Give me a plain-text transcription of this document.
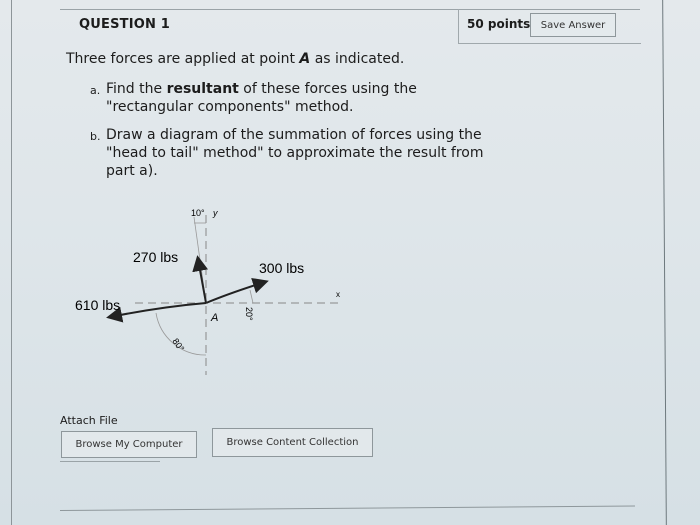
QUESTION 1	50 points	Save Answer
Three forces are applied at point A as indicated.
a. Find the resultant of these forces using the "rectangular components" method.
b. Draw a diagram of the summation of forces using the "head to tail" method" to approximate the result from part a).
y
x
10°
80°
20°
270 lbs
300 lbs
610 lbs
A
Attach File
Browse My Computer	Browse Content Collection
